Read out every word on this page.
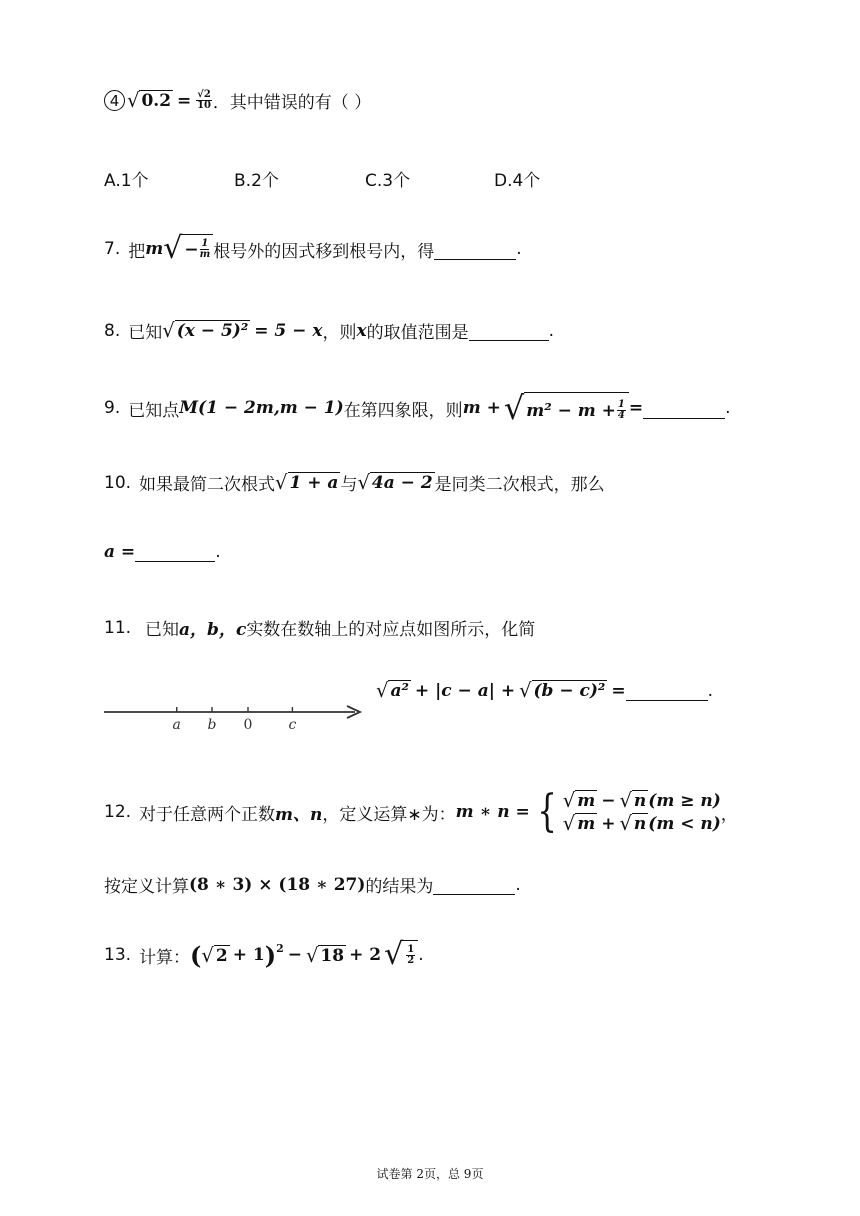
4 √ $0.2 = \frac{√2}{10}$ ．其中错误的有（ ）
A.1个	B.2个	C.3个	D.4个
7. 把 m √ − $\frac{1}{m}$ 根号外的因式移到根号内，得
	.
8. 已知 √ (x − 5)² = 5 − x ，则 x 的取值范围是
	.
9. 已知点 M(1 − 2m,m − 1) 在第四象限，则 m + √ $m^2 - m + \frac{1}{4}$ =
	.
10. 如果最简二次根式 √ 1 + a 与 √ 4a − 2 是同类二次根式，那么
a =
	.
11. 已知 a，b，c 实数在数轴上的对应点如图所示，化简
a b 0	c
√ a² + |c − a| + √ (b − c)² =
	.
12. 对于任意两个正数 m、n ，定义运算∗为： m ∗ n = { √ m − √ n (m ≥ n)
√ m + √ n (m < n) ，
按定义计算 (8 ∗ 3) × (18 ∗ 27) 的结果为
	.
13. 计算： ( √ 2 + 1 )$^2$ − √ 18 + 2 √ $\frac{1}{2}$ .
试卷第 2页，总 9页
